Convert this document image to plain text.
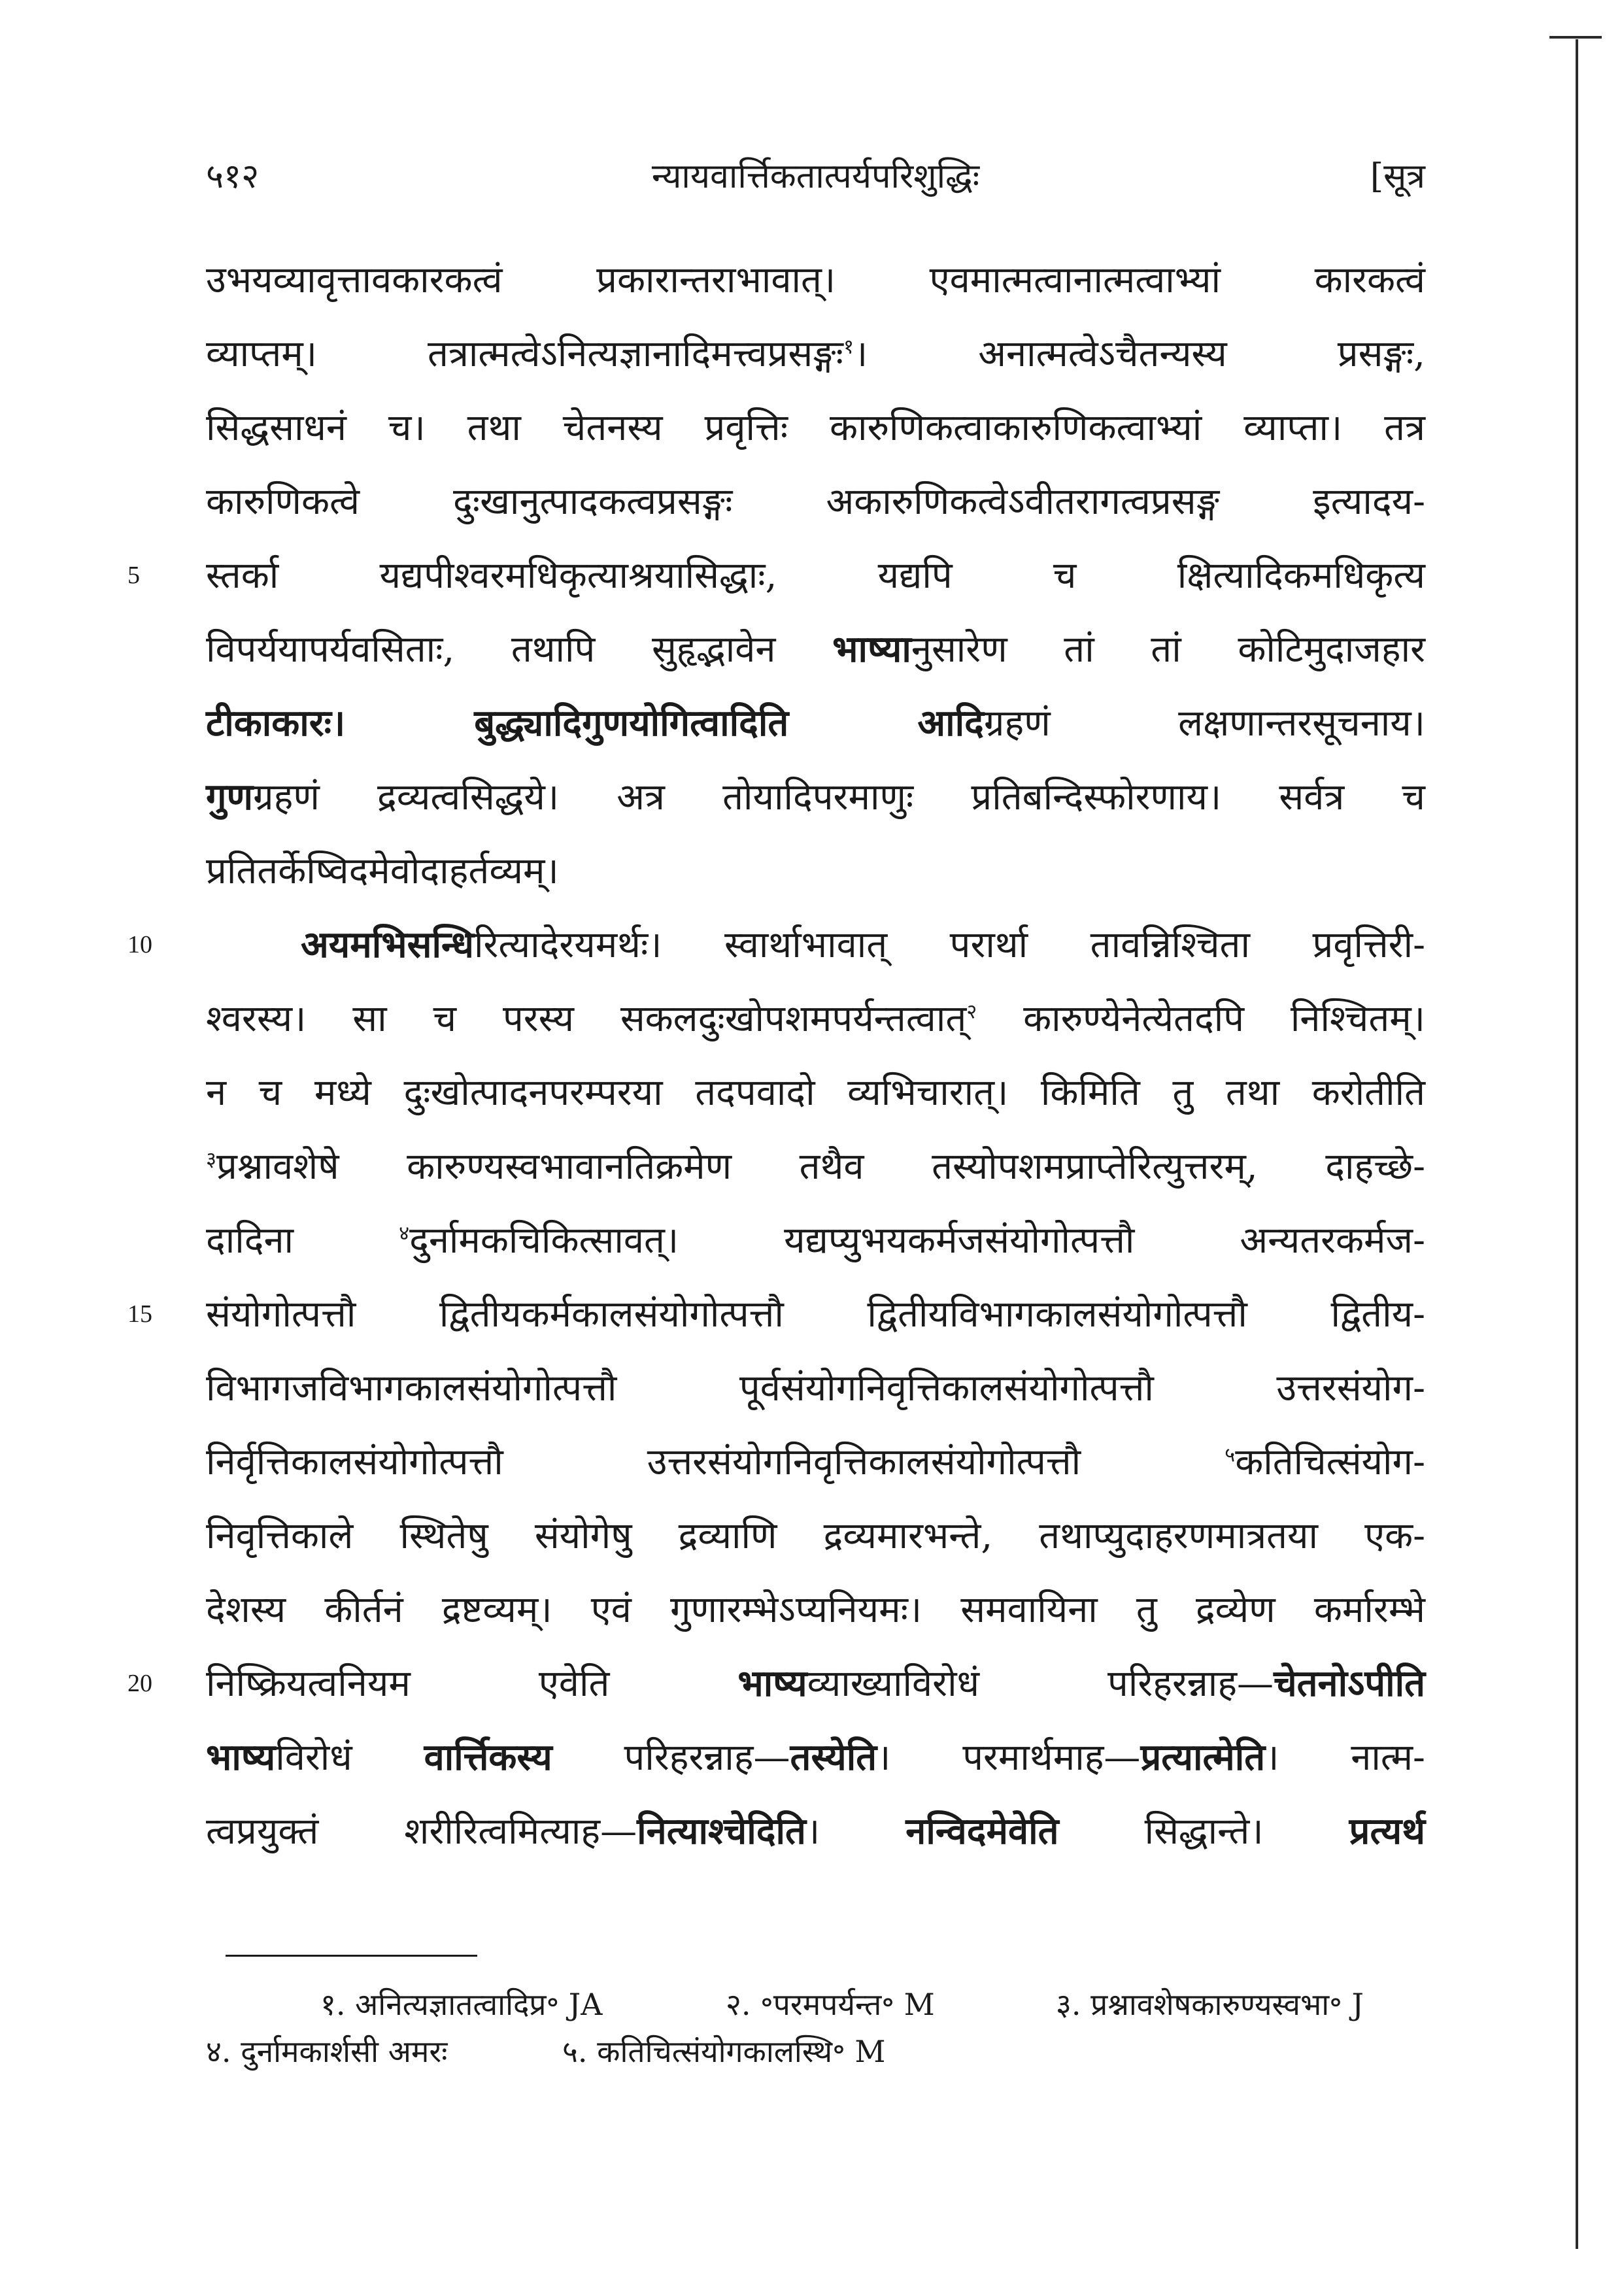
५१२	न्यायवार्त्तिकतात्पर्यपरिशुद्धिः	[सूत्र
उभयव्यावृत्तावकारकत्वं प्रकारान्तराभावात्। एवमात्मत्वानात्मत्वाभ्यां कारकत्वं
व्याप्तम्। तत्रात्मत्वेऽनित्यज्ञानादिमत्त्वप्रसङ्गः$^१$। अनात्मत्वेऽचैतन्यस्य प्रसङ्गः,
सिद्धसाधनं च। तथा चेतनस्य प्रवृत्तिः कारुणिकत्वाकारुणिकत्वाभ्यां व्याप्ता। तत्र
कारुणिकत्वे दुःखानुत्पादकत्वप्रसङ्गः अकारुणिकत्वेऽवीतरागत्वप्रसङ्ग इत्यादय-
5	स्तर्का यद्यपीश्वरमधिकृत्याश्रयासिद्धाः, यद्यपि च क्षित्यादिकमधिकृत्य
विपर्ययापर्यवसिताः, तथापि सुहृद्भावेन भाष्यानुसारेण तां तां कोटिमुदाजहार
टीकाकारः। बुद्ध्यादिगुणयोगित्वादिति आदिग्रहणं लक्षणान्तरसूचनाय।
गुणग्रहणं द्रव्यत्वसिद्धये। अत्र तोयादिपरमाणुः प्रतिबन्दिस्फोरणाय। सर्वत्र च
प्रतितर्केष्विदमेवोदाहर्तव्यम्।
10	अयमभिसन्धिरित्यादेरयमर्थः। स्वार्थाभावात् परार्था तावन्निश्चिता प्रवृत्तिरी-
श्वरस्य। सा च परस्य सकलदुःखोपशमपर्यन्तत्वात्$^२$ कारुण्येनेत्येतदपि निश्चितम्।
न च मध्ये दुःखोत्पादनपरम्परया तदपवादो व्यभिचारात्। किमिति तु तथा करोतीति
$^३$प्रश्नावशेषे कारुण्यस्वभावानतिक्रमेण तथैव तस्योपशमप्राप्तेरित्युत्तरम्, दाहच्छे-
दादिना $^४$दुर्नामकचिकित्सावत्। यद्यप्युभयकर्मजसंयोगोत्पत्तौ अन्यतरकर्मज-
15	संयोगोत्पत्तौ द्वितीयकर्मकालसंयोगोत्पत्तौ द्वितीयविभागकालसंयोगोत्पत्तौ द्वितीय-
विभागजविभागकालसंयोगोत्पत्तौ पूर्वसंयोगनिवृत्तिकालसंयोगोत्पत्तौ उत्तरसंयोग-
निर्वृत्तिकालसंयोगोत्पत्तौ उत्तरसंयोगनिवृत्तिकालसंयोगोत्पत्तौ $^५$कतिचित्संयोग-
निवृत्तिकाले स्थितेषु संयोगेषु द्रव्याणि द्रव्यमारभन्ते, तथाप्युदाहरणमात्रतया एक-
देशस्य कीर्तनं द्रष्टव्यम्। एवं गुणारम्भेऽप्यनियमः। समवायिना तु द्रव्येण कर्मारम्भे
20	निष्क्रियत्वनियम एवेति भाष्यव्याख्याविरोधं परिहरन्नाह—चेतनोऽपीति
भाष्यविरोधं वार्त्तिकस्य परिहरन्नाह—तस्येति। परमार्थमाह—प्रत्यात्मेति। नात्म-
त्वप्रयुक्तं शरीरित्वमित्याह—नित्याश्चेदिति। नन्विदमेवेति सिद्धान्ते। प्रत्यर्थ
१. अनित्यज्ञातत्वादिप्र॰ JA	२. ॰परमपर्यन्त॰ M	३. प्रश्नावशेषकारुण्यस्वभा॰ J
४. दुर्नामकार्शसी अमरः	५. कतिचित्संयोगकालस्थि॰ M
